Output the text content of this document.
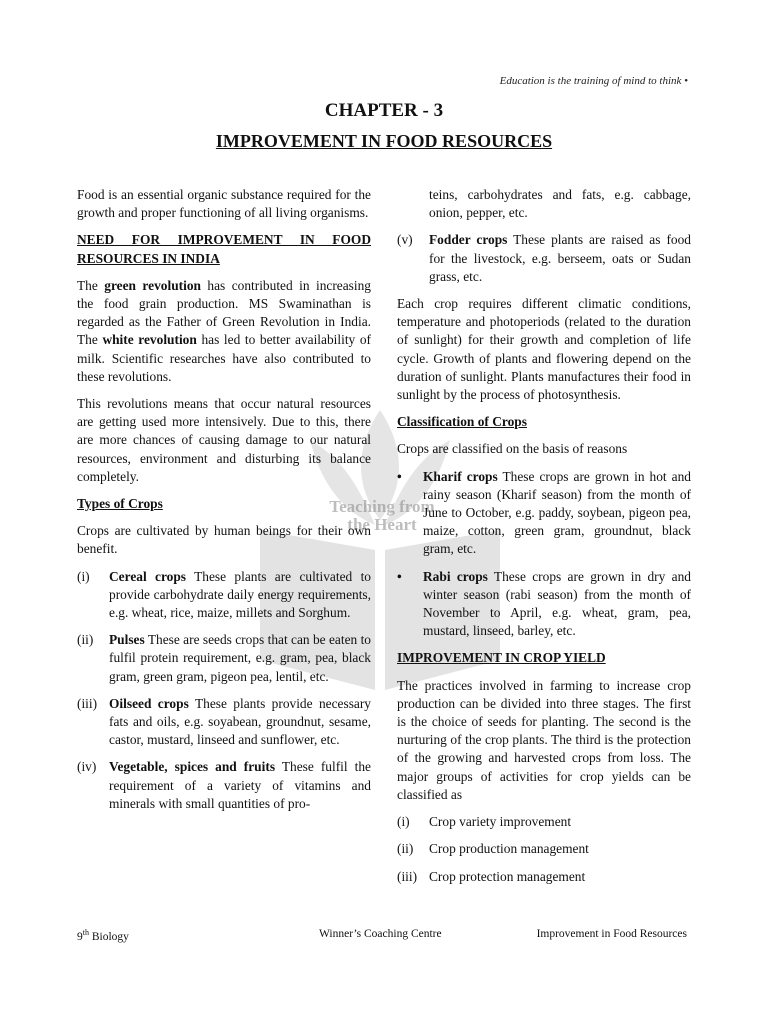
Teaching from
the Heart
Education is the training of mind to think •
CHAPTER - 3
IMPROVEMENT IN FOOD RESOURCES

Food is an essential organic substance required for the growth and proper functioning of all living organisms.

NEED FOR IMPROVEMENT IN FOOD RESOURCES IN INDIA

The green revolution has contributed in increasing the food grain production. MS Swaminathan is regarded as the Father of Green Revolution in India. The white revolution has led to better availability of milk. Scientific researches have also contributed to these revolutions.

This revolutions means that occur natural resources are getting used more intensively. Due to this, there are more chances of causing damage to our natural resources, environment and disturbing its balance completely.

Types of Crops

Crops are cultivated by human beings for their own benefit.

(i)	Cereal crops These plants are cultivated to provide carbohydrate daily energy requirements, e.g. wheat, rice, maize, millets and Sorghum.
(ii)	Pulses These are seeds crops that can be eaten to fulfil protein requirement, e.g. gram, pea, black gram, green gram, pigeon pea, lentil, etc.
(iii) Oilseed crops These plants provide necessary fats and oils, e.g. soyabean, groundnut, sesame, castor, mustard, linseed and sunflower, etc.
(iv) Vegetable, spices and fruits These fulfil the requirement of a variety of vitamins and minerals with small quantities of pro-
teins, carbohydrates and fats, e.g. cabbage, onion, pepper, etc.
(v)	Fodder crops These plants are raised as food for the livestock, e.g. berseem, oats or Sudan grass, etc.

Each crop requires different climatic conditions, temperature and photoperiods (related to the duration of sunlight) for their growth and completion of life cycle. Growth of plants and flowering depend on the duration of sunlight. Plants manufactures their food in sunlight by the process of photosynthesis.

Classification of Crops

Crops are classified on the basis of reasons

•	Kharif crops These crops are grown in hot and rainy season (Kharif season) from the month of June to October, e.g. paddy, soybean, pigeon pea, maize, cotton, green gram, groundnut, black gram, etc.
•	Rabi crops These crops are grown in dry and winter season (rabi season) from the month of November to April, e.g. wheat, gram, pea, mustard, linseed, barley, etc.
IMPROVEMENT IN CROP YIELD

The practices involved in farming to increase crop production can be divided into three stages. The first is the choice of seeds for planting. The second is the nurturing of the crop plants. The third is the protection of the growing and harvested crops from loss. The major groups of activities for crop yields can be classified as

(i)	Crop variety improvement
(ii)	Crop production management
(iii) Crop protection management
9th Biology	Winner’s Coaching Centre	Improvement in Food Resources
